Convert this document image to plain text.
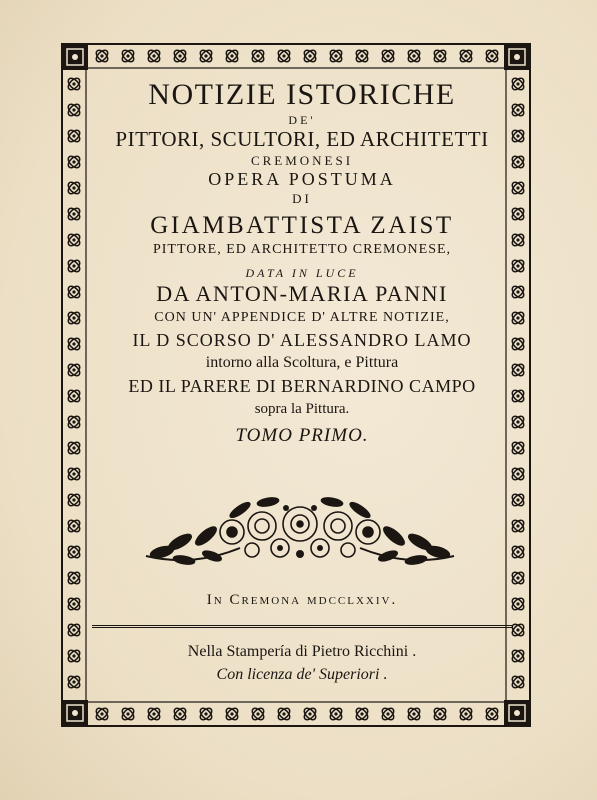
NOTIZIE ISTORICHE
DE'
PITTORI, SCULTORI, ED ARCHITETTI
CREMONESI
OPERA POSTUMA
DI
GIAMBATTISTA ZAIST
PITTORE, ED ARCHITETTO CREMONESE,
DATA IN LUCE
DA ANTON-MARIA PANNI
CON UN' APPENDICE D' ALTRE NOTIZIE,
IL D SCORSO D' ALESSANDRO LAMO
intorno alla Scoltura, e Pittura
ED IL PARERE DI BERNARDINO CAMPO
sopra la Pittura.
TOMO PRIMO.
In Cremona mdcclxxiv.
Nella Stampería di Pietro Ricchini .
Con licenza de' Superiori .
